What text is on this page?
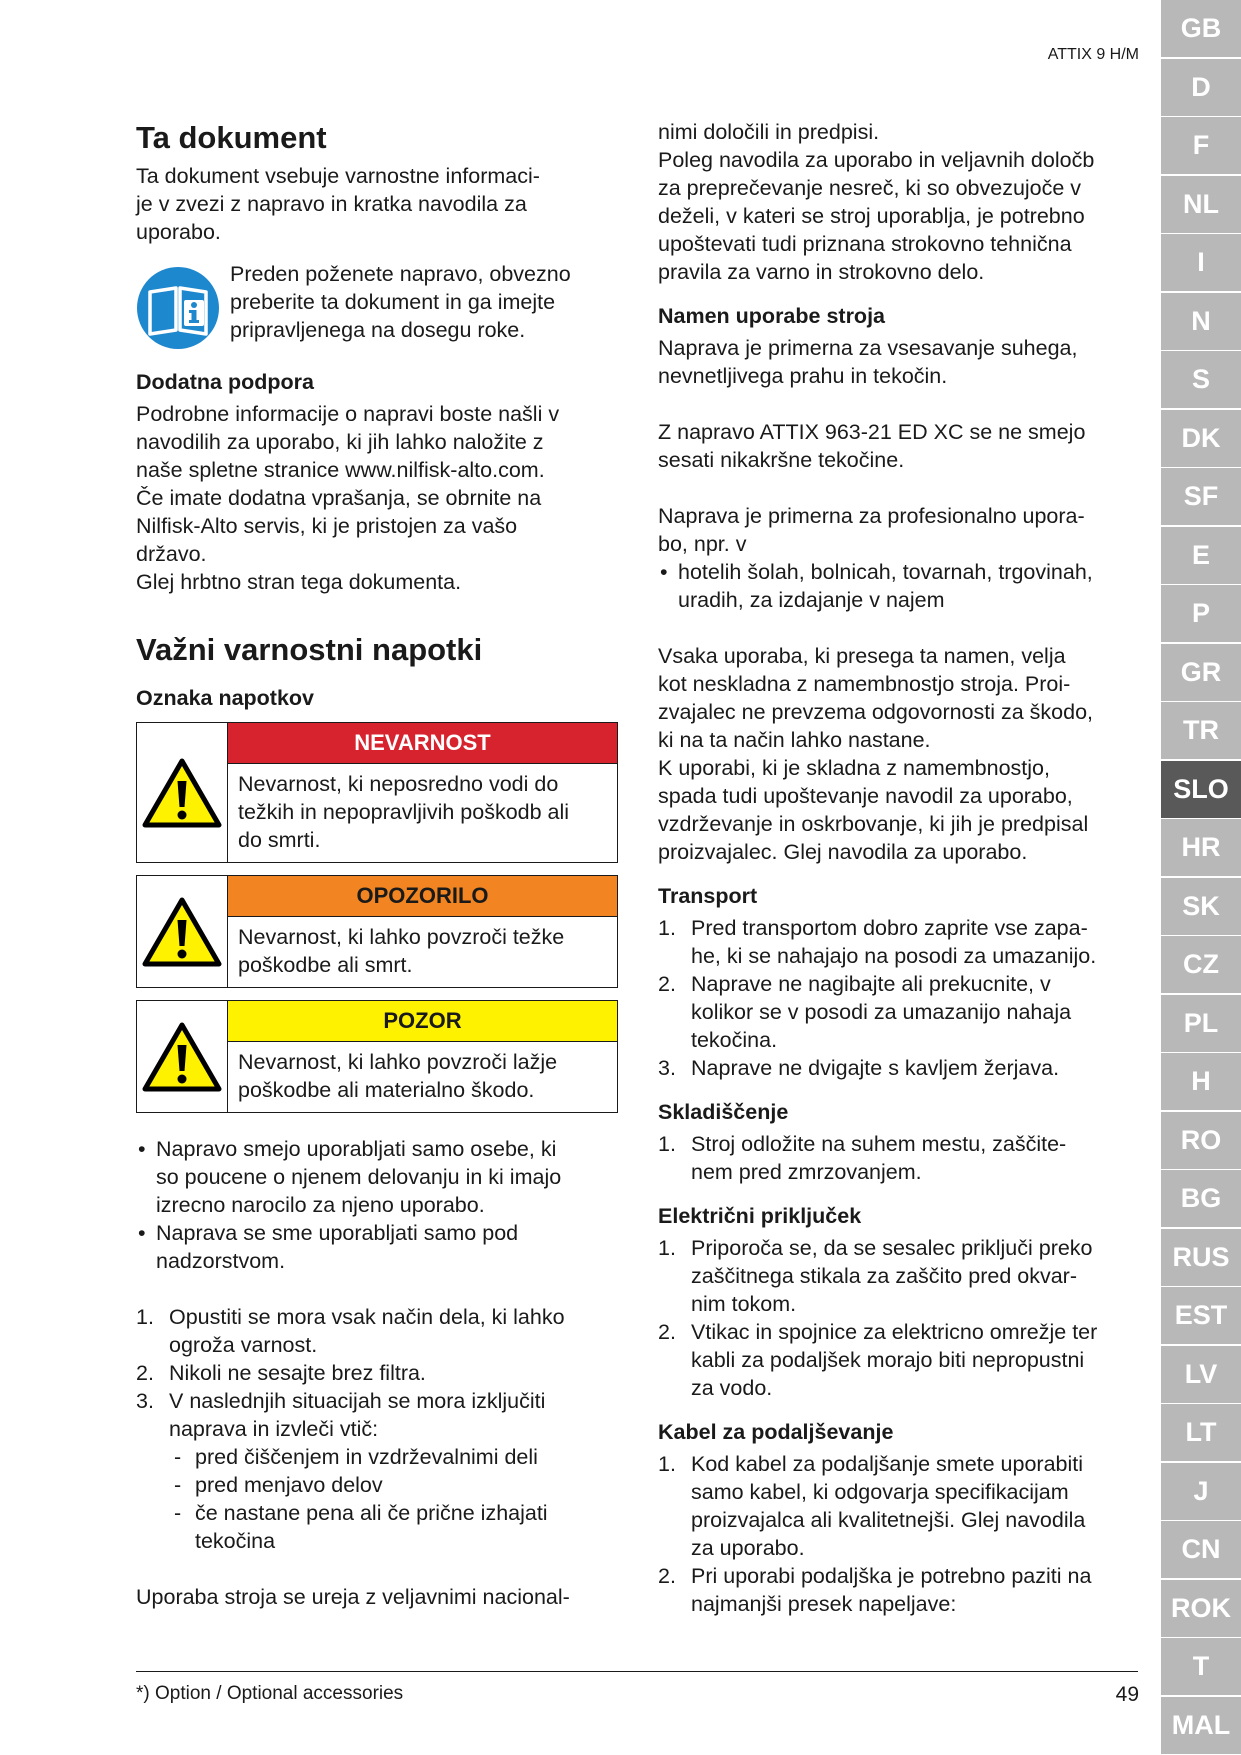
ATTIX 9 H/M
Ta dokument

Ta dokument vsebuje varnostne informaci-
je v zvezi z napravo in kratka navodila za
uporabo.

Preden poženete napravo, obvezno
preberite ta dokument in ga imejte
pripravljenega na dosegu roke.

Dodatna podpora

Podrobne informacije o napravi boste našli v
navodilih za uporabo, ki jih lahko naložite z
naše spletne stranice www.nilfisk-alto.com.
Če imate dodatna vprašanja, se obrnite na
Nilfisk-Alto servis, ki je pristojen za vašo
državo.
Glej hrbtno stran tega dokumenta.

Važni varnostni napotki
Oznaka napotkov
NEVARNOST
Nevarnost, ki neposredno vodi do
težkih in nepopravljivih poškodb ali
do smrti.
OPOZORILO
Nevarnost, ki lahko povzroči težke
poškodbe ali smrt.
POZOR
Nevarnost, ki lahko povzroči lažje
poškodbe ali materialno škodo.
• Napravo smejo uporabljati samo osebe, ki
so poucene o njenem delovanju in ki imajo
izrecno narocilo za njeno uporabo.
• Naprava se sme uporabljati samo pod
nadzorstvom.
1. Opustiti se mora vsak način dela, ki lahko
ogroža varnost.
2. Nikoli ne sesajte brez filtra.
3. V naslednjih situacijah se mora izključiti
naprava in izvleči vtič:
- pred čiščenjem in vzdrževalnimi deli
- pred menjavo delov
- če nastane pena ali če prične izhajati
tekočina

Uporaba stroja se ureja z veljavnimi nacional-

nimi določili in predpisi.
Poleg navodila za uporabo in veljavnih določb
za preprečevanje nesreč, ki so obvezujoče v
deželi, v kateri se stroj uporablja, je potrebno
upoštevati tudi priznana strokovno tehnična
pravila za varno in strokovno delo.

Namen uporabe stroja

Naprava je primerna za vsesavanje suhega,
nevnetljivega prahu in tekočin.

Z napravo ATTIX 963-21 ED XC se ne smejo
sesati nikakršne tekočine.

Naprava je primerna za profesionalno upora-
bo, npr. v

• hotelih šolah, bolnicah, tovarnah, trgovinah,
uradih, za izdajanje v najem

Vsaka uporaba, ki presega ta namen, velja
kot neskladna z namembnostjo stroja. Proi-
zvajalec ne prevzema odgovornosti za škodo,
ki na ta način lahko nastane.
K uporabi, ki je skladna z namembnostjo,
spada tudi upoštevanje navodil za uporabo,
vzdrževanje in oskrbovanje, ki jih je predpisal
proizvajalec. Glej navodila za uporabo.

Transport
1. Pred transportom dobro zaprite vse zapa-
he, ki se nahajajo na posodi za umazanijo.
2. Naprave ne nagibajte ali prekucnite, v
kolikor se v posodi za umazanijo nahaja
tekočina.
3. Naprave ne dvigajte s kavljem žerjava.
Skladiščenje
1. Stroj odložite na suhem mestu, zaščite-
nem pred zmrzovanjem.
Električni priključek
1. Priporoča se, da se sesalec priključi preko
zaščitnega stikala za zaščito pred okvar-
nim tokom.
2. Vtikac in spojnice za elektricno omrežje ter
kabli za podaljšek morajo biti nepropustni
za vodo.
Kabel za podaljševanje
1. Kod kabel za podaljšanje smete uporabiti
samo kabel, ki odgovarja specifikacijam
proizvajalca ali kvalitetnejši. Glej navodila
za uporabo.
2. Pri uporabi podaljška je potrebno paziti na
najmanjši presek napeljave:
*) Option / Optional accessories	49
GB
D
F
NL
I
N
S
DK
SF
E
P
GR
TR
SLO
HR
SK
CZ
PL
H
RO
BG
RUS
EST
LV
LT
J
CN
ROK
T
MAL
